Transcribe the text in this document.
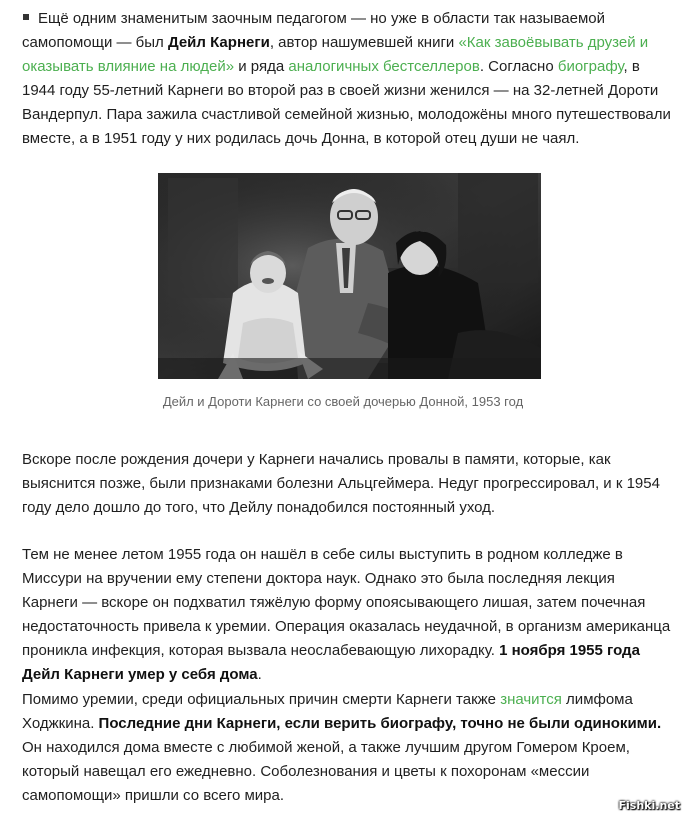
Ещё одним знаменитым заочным педагогом — но уже в области так называемой самопомощи — был Дейл Карнеги, автор нашумевшей книги «Как завоёвывать друзей и оказывать влияние на людей» и ряда аналогичных бестселлеров. Согласно биографу, в 1944 году 55-летний Карнеги во второй раз в своей жизни женился — на 32-летней Дороти Вандерпул. Пара зажила счастливой семейной жизнью, молодожёны много путешествовали вместе, а в 1951 году у них родилась дочь Донна, в которой отец души не чаял.

Дейл и Дороти Карнеги со своей дочерью Донной, 1953 год

Вскоре после рождения дочери у Карнеги начались провалы в памяти, которые, как выяснится позже, были признаками болезни Альцгеймера. Недуг прогрессировал, и к 1954 году дело дошло до того, что Дейлу понадобился постоянный уход.

Тем не менее летом 1955 года он нашёл в себе силы выступить в родном колледже в Миссури на вручении ему степени доктора наук. Однако это была последняя лекция Карнеги — вскоре он подхватил тяжёлую форму опоясывающего лишая, затем почечная недостаточность привела к уремии. Операция оказалась неудачной, в организм американца проникла инфекция, которая вызвала неослабевающую лихорадку. 1 ноября 1955 года Дейл Карнеги умер у себя дома.

Помимо уремии, среди официальных причин смерти Карнеги также значится лимфома Ходжкина. Последние дни Карнеги, если верить биографу, точно не были одинокими. Он находился дома вместе с любимой женой, а также лучшим другом Гомером Кроем, который навещал его ежедневно. Соболезнования и цветы к похоронам «мессии самопомощи» пришли со всего мира.

Fishki.net
